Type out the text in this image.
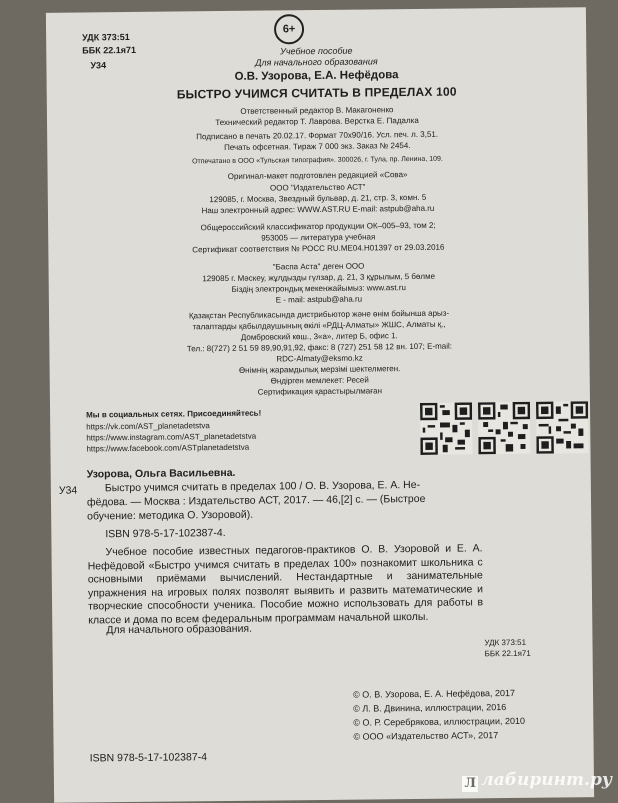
УДК 373:51
ББК 22.1я71
У34
6+
Учебное пособие
Для начального образования
О.В. Узорова, Е.А. Нефёдова
БЫСТРО УЧИМСЯ СЧИТАТЬ В ПРЕДЕЛАХ 100
Ответственный редактор В. Макагоненко
Технический редактор Т. Лаврова. Верстка Е. Падалка
Подписано в печать 20.02.17. Формат 70х90/16. Усл. печ. л. 3,51.
Печать офсетная. Тираж 7 000 экз. Заказ № 2454.
Отпечатано в ООО «Тульская типография». 300026, г. Тула, пр. Ленина, 109.
Оригинал-макет подготовлен редакцией «Сова»
ООО "Издательство АСТ"
129085, г. Москва, Звездный бульвар, д. 21, стр. 3, комн. 5
Наш электронный адрес: WWW.AST.RU E-mail: astpub@aha.ru
Общероссийский классификатор продукции ОК–005–93, том 2;
953005 — литература учебная
Сертификат соответствия № РОСС RU.ME04.H01397 от 29.03.2016
"Баспа Аста" деген ООО
129085 г. Мәскеу, жұлдызды гүлзар, д. 21, 3 құрылым, 5 бөлме
Біздің электрондық мекенжайымыз: www.ast.ru
E - mail: astpub@aha.ru
Қазақстан Республикасында дистрибьютор және өнім бойынша арыз-
талаптарды қабылдаушының өкілі «РДЦ-Алматы» ЖШС, Алматы қ.,
Домбровский көш., 3«а», литер Б, офис 1.
Тел.: 8(727) 2 51 59 89,90,91,92, факс: 8 (727) 251 58 12 вн. 107; E-mail:
RDC-Almaty@eksmo.kz
Өнімнің жарамдылық мерзімі шектелмеген.
Өндірген мемлекет: Ресей
Сертификация қарастырылмаған
Мы в социальных сетях. Присоединяйтесь!
https://vk.com/AST_planetadetstva
https://www.instagram.com/AST_planetadetstva
https://www.facebook.com/ASTplanetadetstva
У34
Узорова, Ольга Васильевна.
Быстро учимся считать в пределах 100 / О. В. Узорова, Е. А. Не-
фёдова. — Москва : Издательство АСТ, 2017. — 46,[2] с. — (Быстрое
обучение: методика О. Узоровой).
ISBN 978-5-17-102387-4.
Учебное пособие известных педагогов-практиков О. В. Узоровой и Е. А. Нефёдовой «Быстро учимся считать в пределах 100» познакомит школьника с основными приёмами вычислений. Нестандартные и занимательные упражнения на игровых полях позволят выявить и развить математические и творческие способности ученика. Пособие можно использовать для работы в классе и дома по всем федеральным программам начальной школы.
Для начального образования.
УДК 373:51
ББК 22.1я71
© О. В. Узорова, Е. А. Нефёдова, 2017
© Л. В. Двинина, иллюстрации, 2016
© О. Р. Серебрякова, иллюстрации, 2010
© ООО «Издательство АСТ», 2017
ISBN 978-5-17-102387-4
Л лабиринт.ру
